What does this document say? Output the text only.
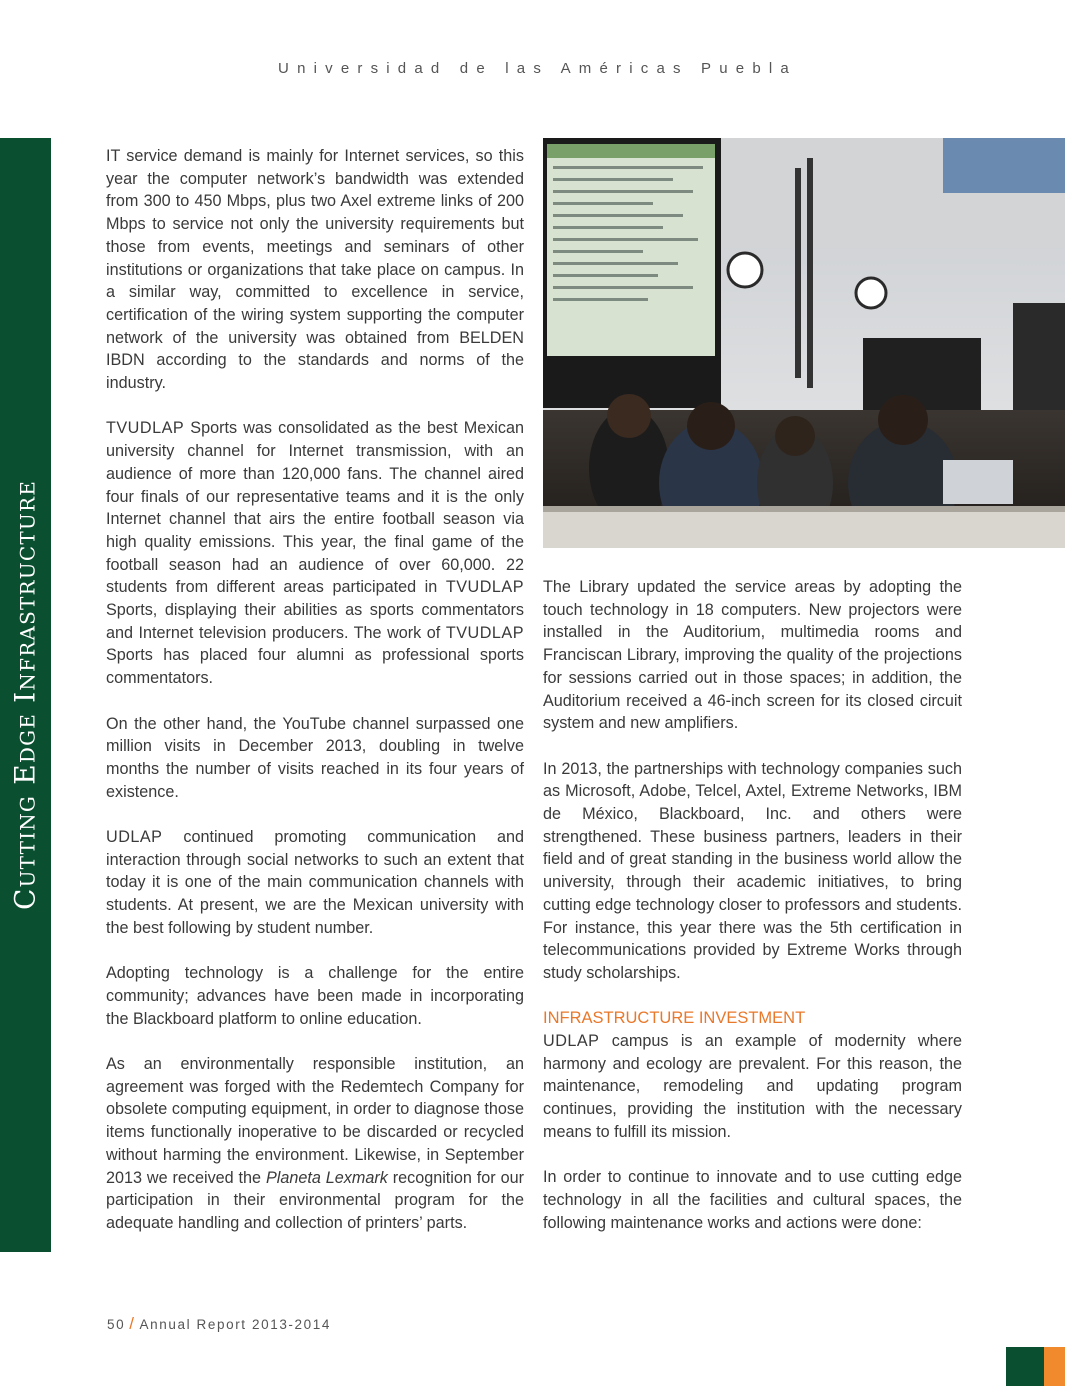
Universidad de las Américas Puebla
Cutting Edge Infrastructure

IT service demand is mainly for Internet services, so this year the computer network’s bandwidth was extended from 300 to 450 Mbps, plus two Axel extreme links of 200 Mbps to service not only the university requirements but those from events, meetings and seminars of other institutions or organizations that take place on campus. In a similar way, committed to excellence in service, certification of the wiring system supporting the computer network of the university was obtained from BELDEN IBDN according to the standards and norms of the industry.

TVUDLAP Sports was consolidated as the best Mexican university channel for Internet transmission, with an audience of more than 120,000 fans. The channel aired four finals of our representative teams and it is the only Internet channel that airs the entire football season via high quality emissions. This year, the final game of the football season had an audience of over 60,000. 22 students from different areas participated in TVUDLAP Sports, displaying their abilities as sports commentators and Internet television producers. The work of TVUDLAP Sports has placed four alumni as professional sports commentators.

On the other hand, the YouTube channel surpassed one million visits in December 2013, doubling in twelve months the number of visits reached in its four years of existence.

UDLAP continued promoting communication and interaction through social networks to such an extent that today it is one of the main communication channels with students. At present, we are the Mexican university with the best following by student number.

Adopting technology is a challenge for the entire community; advances have been made in incorporating the Blackboard platform to online education.

As an environmentally responsible institution, an agreement was forged with the Redemtech Company for obsolete computing equipment, in order to diagnose those items functionally inoperative to be discarded or recycled without harming the environment. Likewise, in September 2013 we received the Planeta Lexmark recognition for our participation in their environmental program for the adequate handling and collection of printers’ parts.

The Library updated the service areas by adopting the touch technology in 18 computers. New projectors were installed in the Auditorium, multimedia rooms and Franciscan Library, improving the quality of the projections for sessions carried out in those spaces; in addition, the Auditorium received a 46-inch screen for its closed circuit system and new amplifiers.

In 2013, the partnerships with technology companies such as Microsoft, Adobe, Telcel, Axtel, Extreme Networks, IBM de México, Blackboard, Inc. and others were strengthened. These business partners, leaders in their field and of great standing in the business world allow the university, through their academic initiatives, to bring cutting edge technology closer to professors and students. For instance, this year there was the 5th certification in telecommunications provided by Extreme Works through study scholarships.

INFRASTRUCTURE INVESTMENT

UDLAP campus is an example of modernity where harmony and ecology are prevalent. For this reason, the maintenance, remodeling and updating program continues, providing the institution with the necessary means to fulfill its mission.

In order to continue to innovate and to use cutting edge technology in all the facilities and cultural spaces, the following maintenance works and actions were done:

50 / Annual Report 2013-2014
